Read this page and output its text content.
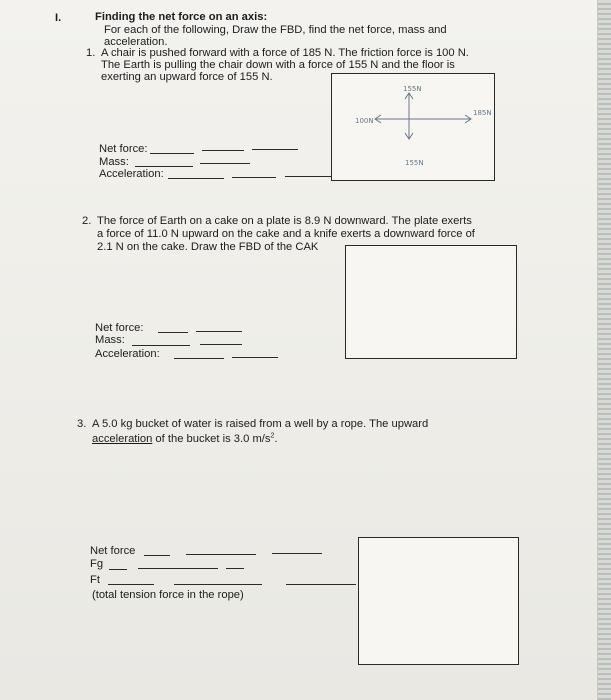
I.	Finding the net force on an axis:
For each of the following, Draw the FBD, find the net force, mass and
acceleration.
1. A chair is pushed forward with a force of 185 N. The friction force is 100 N.
The Earth is pulling the chair down with a force of 155 N and the floor is
exerting an upward force of 155 N.
Net force:
Mass:
Acceleration:
155N
100N
185N
155N
2. The force of Earth on a cake on a plate is 8.9 N downward. The plate exerts
a force of 11.0 N upward on the cake and a knife exerts a downward force of
2.1 N on the cake. Draw the FBD of the CAK
Net force:
Mass:
Acceleration:
3. A 5.0 kg bucket of water is raised from a well by a rope. The upward
acceleration of the bucket is 3.0 $m/s^2$.
Net force
Fg
Ft
(total tension force in the rope)
